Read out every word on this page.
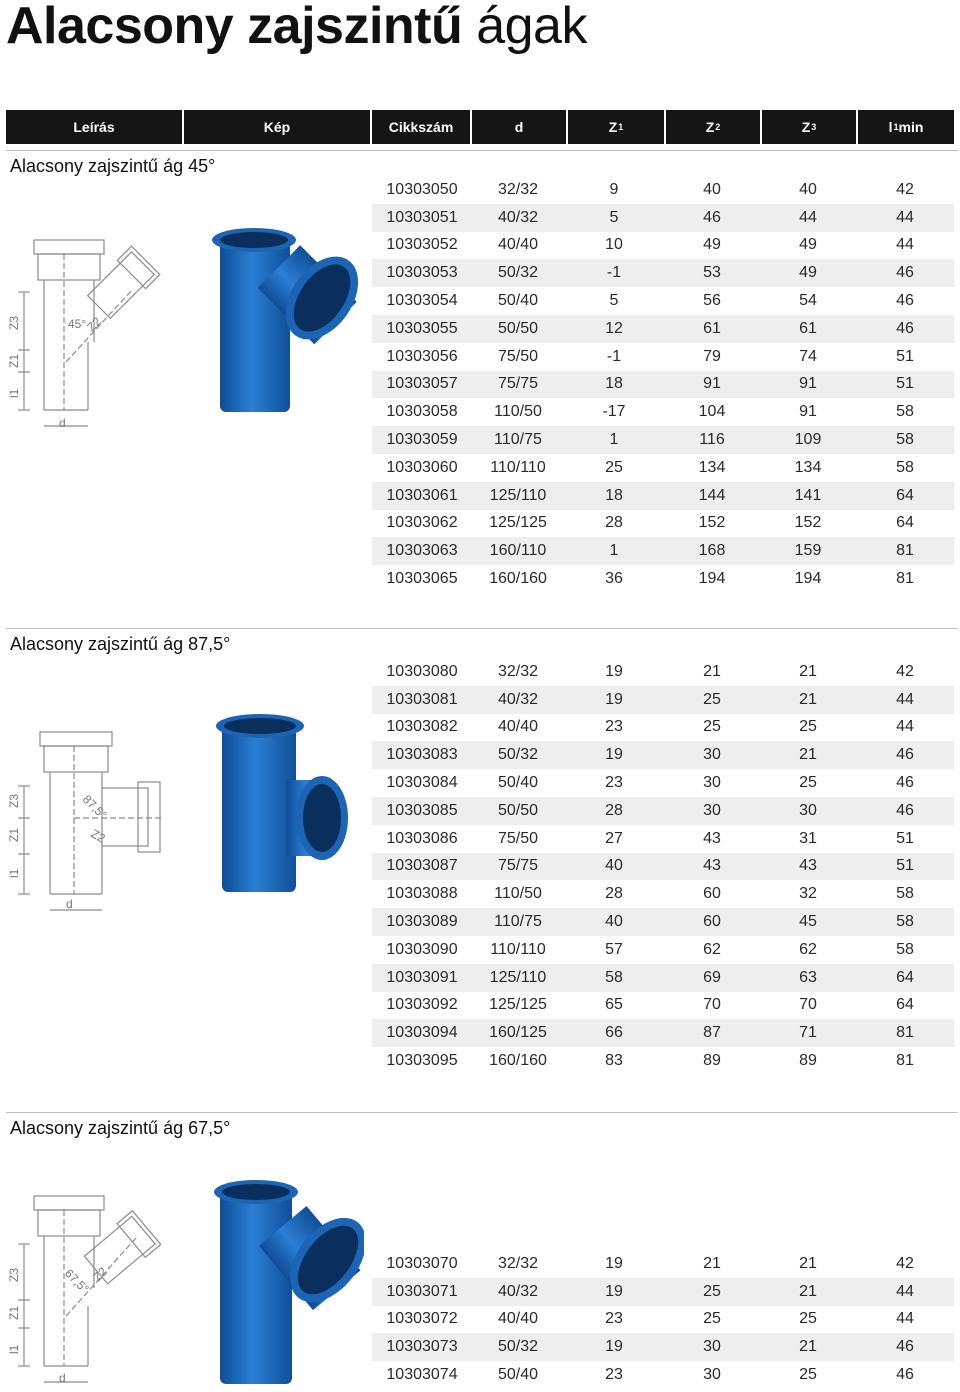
Alacsony zajszintű ágak
Leírás	Kép	Cikkszám	d	Z 1	Z 2	Z 3	l 1 min
Alacsony zajszintű ág 45°
45°
Z2
Z3
Z1
l1
d
10303050	32/32	9	40	40	42
10303051	40/32	5	46	44	44
10303052	40/40	10	49	49	44
10303053	50/32	-1	53	49	46
10303054	50/40	5	56	54	46
10303055	50/50	12	61	61	46
10303056	75/50	-1	79	74	51
10303057	75/75	18	91	91	51
10303058	110/50	-17	104	91	58
10303059	110/75	1	116	109	58
10303060	110/110	25	134	134	58
10303061	125/110	18	144	141	64
10303062	125/125	28	152	152	64
10303063	160/110	1	168	159	81
10303065	160/160	36	194	194	81
Alacsony zajszintű ág 87,5°
87,5°
Z2
Z3
Z1
l1
d
10303080	32/32	19	21	21	42
10303081	40/32	19	25	21	44
10303082	40/40	23	25	25	44
10303083	50/32	19	30	21	46
10303084	50/40	23	30	25	46
10303085	50/50	28	30	30	46
10303086	75/50	27	43	31	51
10303087	75/75	40	43	43	51
10303088	110/50	28	60	32	58
10303089	110/75	40	60	45	58
10303090	110/110	57	62	62	58
10303091	125/110	58	69	63	64
10303092	125/125	65	70	70	64
10303094	160/125	66	87	71	81
10303095	160/160	83	89	89	81
Alacsony zajszintű ág 67,5°
67,5°
Z2
Z3
Z1
l1
d
10303070	32/32	19	21	21	42
10303071	40/32	19	25	21	44
10303072	40/40	23	25	25	44
10303073	50/32	19	30	21	46
10303074	50/40	23	30	25	46
